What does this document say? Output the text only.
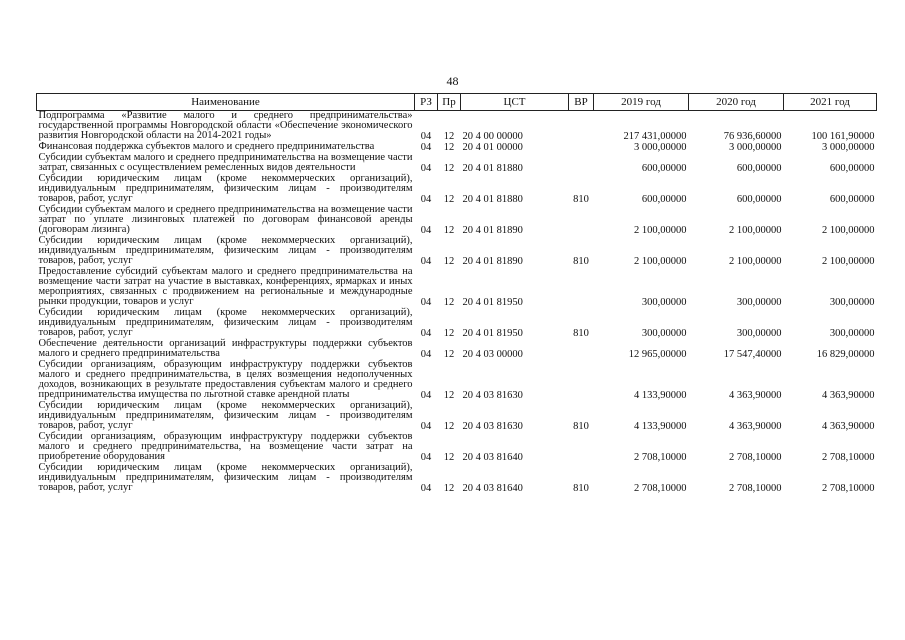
48
Наименование	РЗ	Пр	ЦСТ	ВР	2019 год	2020 год	2021 год
Подпрограмма «Развитие малого и среднего предпринимательства» государственной программы Новгородской области «Обеспечение экономического развития Новгородской области на 2014-2021 годы»	04	12	20 4 00 00000		217 431,00000	76 936,60000	100 161,90000
Финансовая поддержка субъектов малого и среднего предпринимательства	04	12	20 4 01 00000		3 000,00000	3 000,00000	3 000,00000
Субсидии субъектам малого и среднего предпринимательства на возмещение части затрат, связанных с осуществлением ремесленных видов деятельности	04	12	20 4 01 81880		600,00000	600,00000	600,00000
Субсидии юридическим лицам (кроме некоммерческих организаций), индивидуальным предпринимателям, физическим лицам - производителям товаров, работ, услуг	04	12	20 4 01 81880	810	600,00000	600,00000	600,00000
Субсидии субъектам малого и среднего предпринимательства на возмещение части затрат по уплате лизинговых платежей по договорам финансовой аренды (договорам лизинга)	04	12	20 4 01 81890		2 100,00000	2 100,00000	2 100,00000
Субсидии юридическим лицам (кроме некоммерческих организаций), индивидуальным предпринимателям, физическим лицам - производителям товаров, работ, услуг	04	12	20 4 01 81890	810	2 100,00000	2 100,00000	2 100,00000
Предоставление субсидий субъектам малого и среднего предпринимательства на возмещение части затрат на участие в выставках, конференциях, ярмарках и иных мероприятиях, связанных с продвижением на региональные и международные рынки продукции, товаров и услуг	04	12	20 4 01 81950		300,00000	300,00000	300,00000
Субсидии юридическим лицам (кроме некоммерческих организаций), индивидуальным предпринимателям, физическим лицам - производителям товаров, работ, услуг	04	12	20 4 01 81950	810	300,00000	300,00000	300,00000
Обеспечение деятельности организаций инфраструктуры поддержки субъектов малого и среднего предпринимательства	04	12	20 4 03 00000		12 965,00000	17 547,40000	16 829,00000
Субсидии организациям, образующим инфраструктуру поддержки субъектов малого и среднего предпринимательства, в целях возмещения недополученных доходов, возникающих в результате предоставления субъектам малого и среднего предпринимательства имущества по льготной ставке арендной платы	04	12	20 4 03 81630		4 133,90000	4 363,90000	4 363,90000
Субсидии юридическим лицам (кроме некоммерческих организаций), индивидуальным предпринимателям, физическим лицам - производителям товаров, работ, услуг	04	12	20 4 03 81630	810	4 133,90000	4 363,90000	4 363,90000
Субсидии организациям, образующим инфраструктуру поддержки субъектов малого и среднего предпринимательства, на возмещение части затрат на приобретение оборудования	04	12	20 4 03 81640		2 708,10000	2 708,10000	2 708,10000
Субсидии юридическим лицам (кроме некоммерческих организаций), индивидуальным предпринимателям, физическим лицам - производителям товаров, работ, услуг	04	12	20 4 03 81640	810	2 708,10000	2 708,10000	2 708,10000
